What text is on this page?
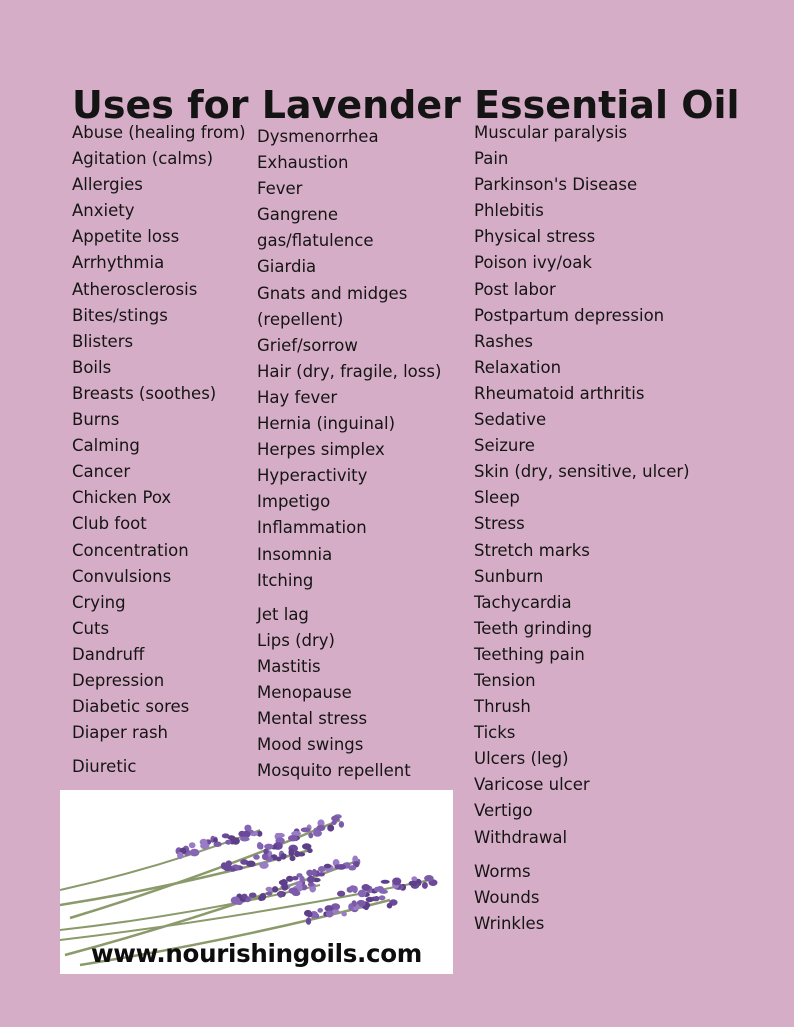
Uses for Lavender Essential Oil
Abuse (healing from)
Agitation (calms)
Allergies
Anxiety
Appetite loss
Arrhythmia
Atherosclerosis
Bites/stings
Blisters
Boils
Breasts (soothes)
Burns
Calming
Cancer
Chicken Pox
Club foot
Concentration
Convulsions
Crying
Cuts
Dandruff
Depression
Diabetic sores
Diaper rash
Diuretic
Dysmenorrhea
Exhaustion
Fever
Gangrene
gas/flatulence
Giardia
Gnats and midges
(repellent)
Grief/sorrow
Hair (dry, fragile, loss)
Hay fever
Hernia (inguinal)
Herpes simplex
Hyperactivity
Impetigo
Inflammation
Insomnia
Itching
Jet lag
Lips (dry)
Mastitis
Menopause
Mental stress
Mood swings
Mosquito repellent
Muscular paralysis
Pain
Parkinson's Disease
Phlebitis
Physical stress
Poison ivy/oak
Post labor
Postpartum depression
Rashes
Relaxation
Rheumatoid arthritis
Sedative
Seizure
Skin (dry, sensitive, ulcer)
Sleep
Stress
Stretch marks
Sunburn
Tachycardia
Teeth grinding
Teething pain
Tension
Thrush
Ticks
Ulcers (leg)
Varicose ulcer
Vertigo
Withdrawal
Worms
Wounds
Wrinkles
www.nourishingoils.com
